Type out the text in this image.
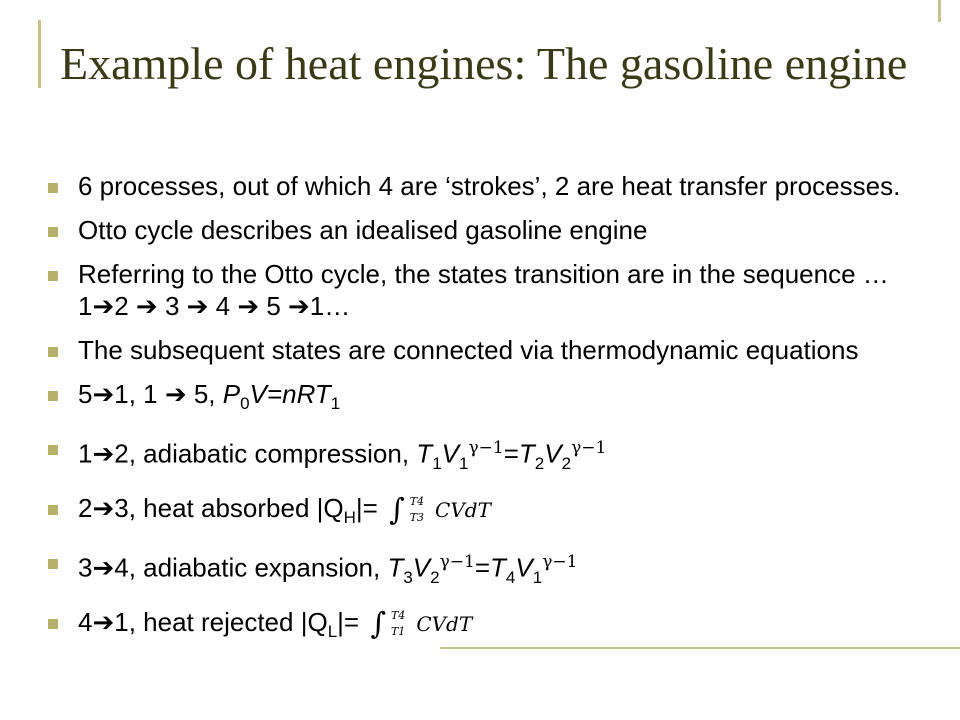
Example of heat engines: The gasoline engine
6 processes, out of which 4 are ‘strokes’, 2 are heat transfer processes.
Otto cycle describes an idealised gasoline engine
Referring to the Otto cycle, the states transition are in the sequence …1➔2 ➔ 3 ➔ 4 ➔ 5 ➔1…
The subsequent states are connected via thermodynamic equations
5➔1, 1 ➔ 5, $P_0V=nRT_1$
1➔2, adiabatic compression, $T_1V_1^{\gamma-1}=T_2V_2^{\gamma-1}$
2➔3, heat absorbed $|Q_H|=$ ∫ T4
T3 CVdT
3➔4, adiabatic expansion, $T_3V_2^{\gamma-1}=T_4V_1^{\gamma-1}$
4➔1, heat rejected $|Q_L|=$ ∫ T4
T1 CVdT
